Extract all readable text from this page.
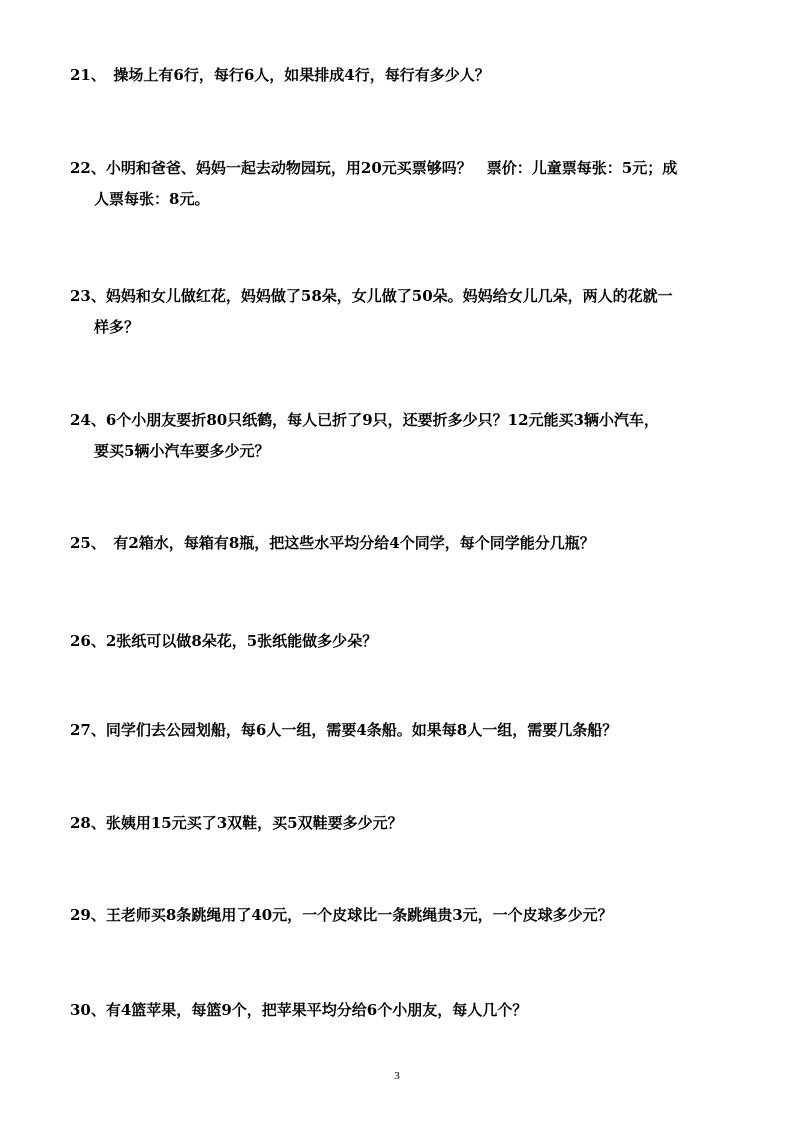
21、　操场上有6行，每行6人，如果排成4行，每行有多少人？
22、小明和爸爸、妈妈一起去动物园玩，用20元买票够吗？　票价：儿童票每张：5元；成
人票每张：8元。
23、妈妈和女儿做红花，妈妈做了58朵，女儿做了50朵。妈妈给女儿几朵，两人的花就一
样多？
24、6个小朋友要折80只纸鹤，每人已折了9只，还要折多少只？12元能买3辆小汽车，
要买5辆小汽车要多少元？
25、　有2箱水，每箱有8瓶，把这些水平均分给4个同学，每个同学能分几瓶？
26、2张纸可以做8朵花，5张纸能做多少朵？
27、同学们去公园划船，每6人一组，需要4条船。如果每8人一组，需要几条船？
28、张姨用15元买了3双鞋，买5双鞋要多少元？
29、王老师买8条跳绳用了40元，一个皮球比一条跳绳贵3元，一个皮球多少元？
30、有4篮苹果，每篮9个，把苹果平均分给6个小朋友，每人几个？
3
